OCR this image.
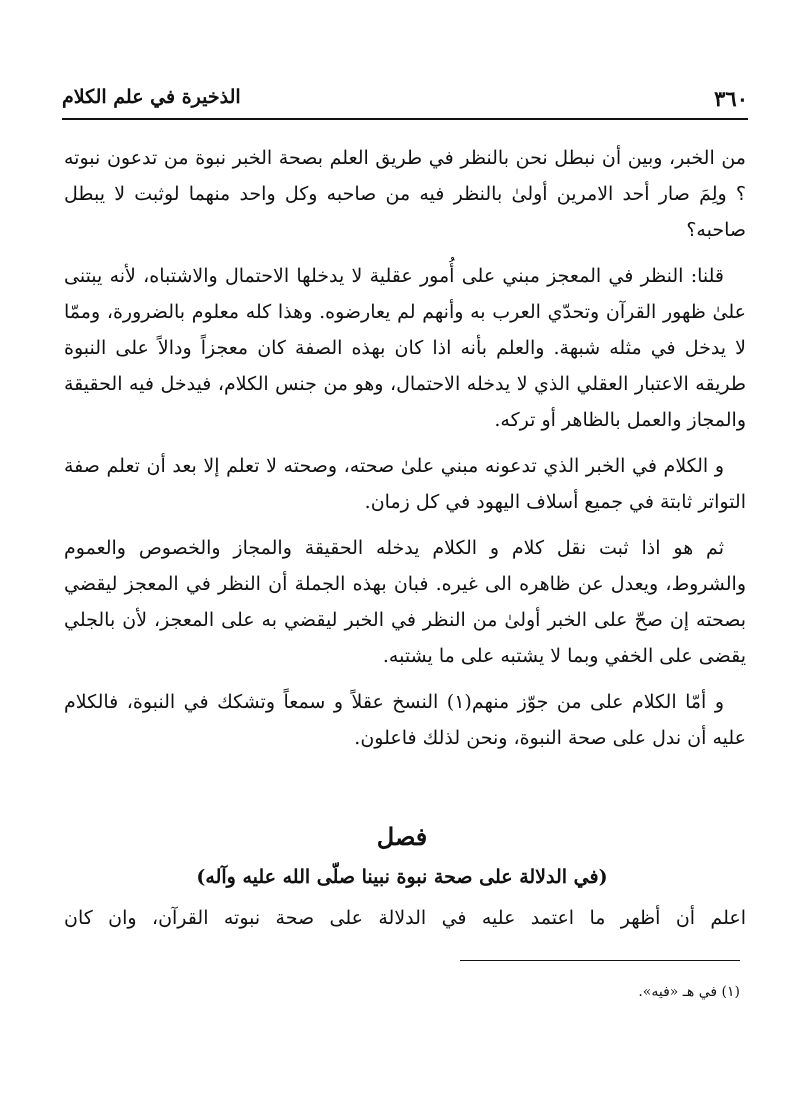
٣٦٠
الذخيرة في علم الكلام

من الخبر، وبين أن نبطل نحن بالنظر في طريق العلم بصحة الخبر نبوة من تدعون نبوته ؟ ولِمَ صار أحد الامرين أولىٰ بالنظر فيه من صاحبه وكل واحد منهما لوثبت لا يبطل صاحبه؟

قلنا: النظر في المعجز مبني على أُمور عقلية لا يدخلها الاحتمال والاشتباه، لأنه يبتنى علىٰ ظهور القرآن وتحدّي العرب به وأنهم لم يعارضوه. وهذا كله معلوم بالضرورة، وممّا لا يدخل في مثله شبهة. والعلم بأنه اذا كان بهذه الصفة كان معجزاً ودالاً على النبوة طريقه الاعتبار العقلي الذي لا يدخله الاحتمال، وهو من جنس الكلام، فيدخل فيه الحقيقة والمجاز والعمل بالظاهر أو تركه.

و الكلام في الخبر الذي تدعونه مبني علىٰ صحته، وصحته لا تعلم إلا بعد أن تعلم صفة التواتر ثابتة في جميع أسلاف اليهود في كل زمان.

ثم هو اذا ثبت نقل كلام و الكلام يدخله الحقيقة والمجاز والخصوص والعموم والشروط، ويعدل عن ظاهره الى غيره. فبان بهذه الجملة أن النظر في المعجز ليقضي بصحته إن صحّ على الخبر أولىٰ من النظر في الخبر ليقضي به على المعجز، لأن بالجلي يقضى على الخفي وبما لا يشتبه على ما يشتبه.

و أمّا الكلام على من جوّز منهم(١) النسخ عقلاً و سمعاً وتشكك في النبوة، فالكلام عليه أن ندل على صحة النبوة، ونحن لذلك فاعلون.

فصل
(في الدلالة على صحة نبوة نبينا صلّى الله عليه وآله)
اعلم أن أظهر ما اعتمد عليه في الدلالة على صحة نبوته القرآن، وان كان
(١) في هـ «فيه».
